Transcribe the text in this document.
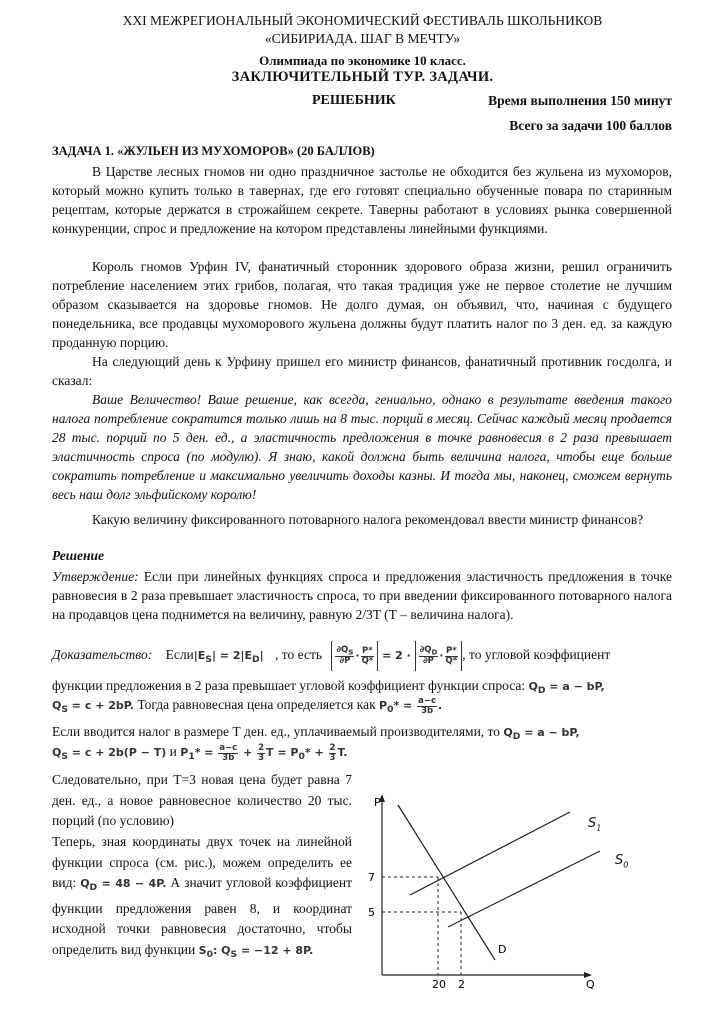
XXI МЕЖРЕГИОНАЛЬНЫЙ ЭКОНОМИЧЕСКИЙ ФЕСТИВАЛЬ ШКОЛЬНИКОВ
«СИБИРИАДА. ШАГ В МЕЧТУ»
Олимпиада по экономике 10 класс.
ЗАКЛЮЧИТЕЛЬНЫЙ ТУР. ЗАДАЧИ.
РЕШЕБНИК	Время выполнения 150 минут
Всего за задачи 100 баллов
ЗАДАЧА 1. «ЖУЛЬЕН ИЗ МУХОМОРОВ» (20 БАЛЛОВ)

В Царстве лесных гномов ни одно праздничное застолье не обходится без жульена из мухоморов, который можно купить только в тавернах, где его готовят специально обученные повара по старинным рецептам, которые держатся в строжайшем секрете. Таверны работают в условиях рынка совершенной конкуренции, спрос и предложение на котором представлены линейными функциями.

Король гномов Урфин IV, фанатичный сторонник здорового образа жизни, решил ограничить потребление населением этих грибов, полагая, что такая традиция уже не первое столетие не лучшим образом сказывается на здоровье гномов. Не долго думая, он объявил, что, начиная с будущего понедельника, все продавцы мухоморового жульена должны будут платить налог по 3 ден. ед. за каждую проданную порцию.

На следующий день к Урфину пришел его министр финансов, фанатичный противник госдолга, и сказал:

Ваше Величество! Ваше решение, как всегда, гениально, однако в результате введения такого налога потребление сократится только лишь на 8 тыс. порций в месяц. Сейчас каждый месяц продается 28 тыс. порций по 5 ден. ед., а эластичность предложения в точке равновесия в 2 раза превышает эластичность спроса (по модулю). Я знаю, какой должна быть величина налога, чтобы еще больше сократить потребление и максимально увеличить доходы казны. И тогда мы, наконец, сможем вернуть весь наш долг эльфийскому королю!

Какую величину фиксированного потоварного налога рекомендовал ввести министр финансов?

Решение

Утверждение: Если при линейных функциях спроса и предложения эластичность предложения в точке равновесия в 2 раза превышает эластичность спроса, то при введении фиксированного потоварного налога на продавцов цена поднимется на величину, равную 2/3T (Т – величина налога).

Доказательство: $Если|E_S| = 2|E_D|$ , то есть $\frac{\partial Q_S}{\partial P} \cdot \frac{P*}{Q*} = 2 \cdot \frac{\partial Q_D}{\partial P} \cdot \frac{P*}{Q*}$ , то угловой коэффициент
функции предложения в 2 раза превышает угловой коэффициент функции спроса: $Q_D = a$ − bP,
$Q_S = c + 2bP$. Тогда равновесная цена определяется как $P_0* = \frac{a-c}{3b}$ .
Если вводится налог в размере Т ден. ед., уплачиваемый производителями, то $Q_D = a$ − bP,
$Q_S = c + 2b(P - T)$ и $P_1* = \frac{a-c}{3b} + \frac{2}{3}$ $T = P_0* + \frac{2}{3} T$.

Следовательно, при Т=3 новая цена будет равна 7 ден. ед., а новое равновесное количество 20 тыс. порций (по условию)

Теперь, зная координаты двух точек на линейной функции спроса (см. рис.), можем определить ее вид: $Q_D = 48 - 4P$. А значит угловой коэффициент функции предложения равен 8, и координат исходной точки равновесия достаточно, чтобы определить вид функции $S_0$: $Q_S = -12 + 8P$.

P
Q
7
5
20 2
D
$S_0$
$S_1$
